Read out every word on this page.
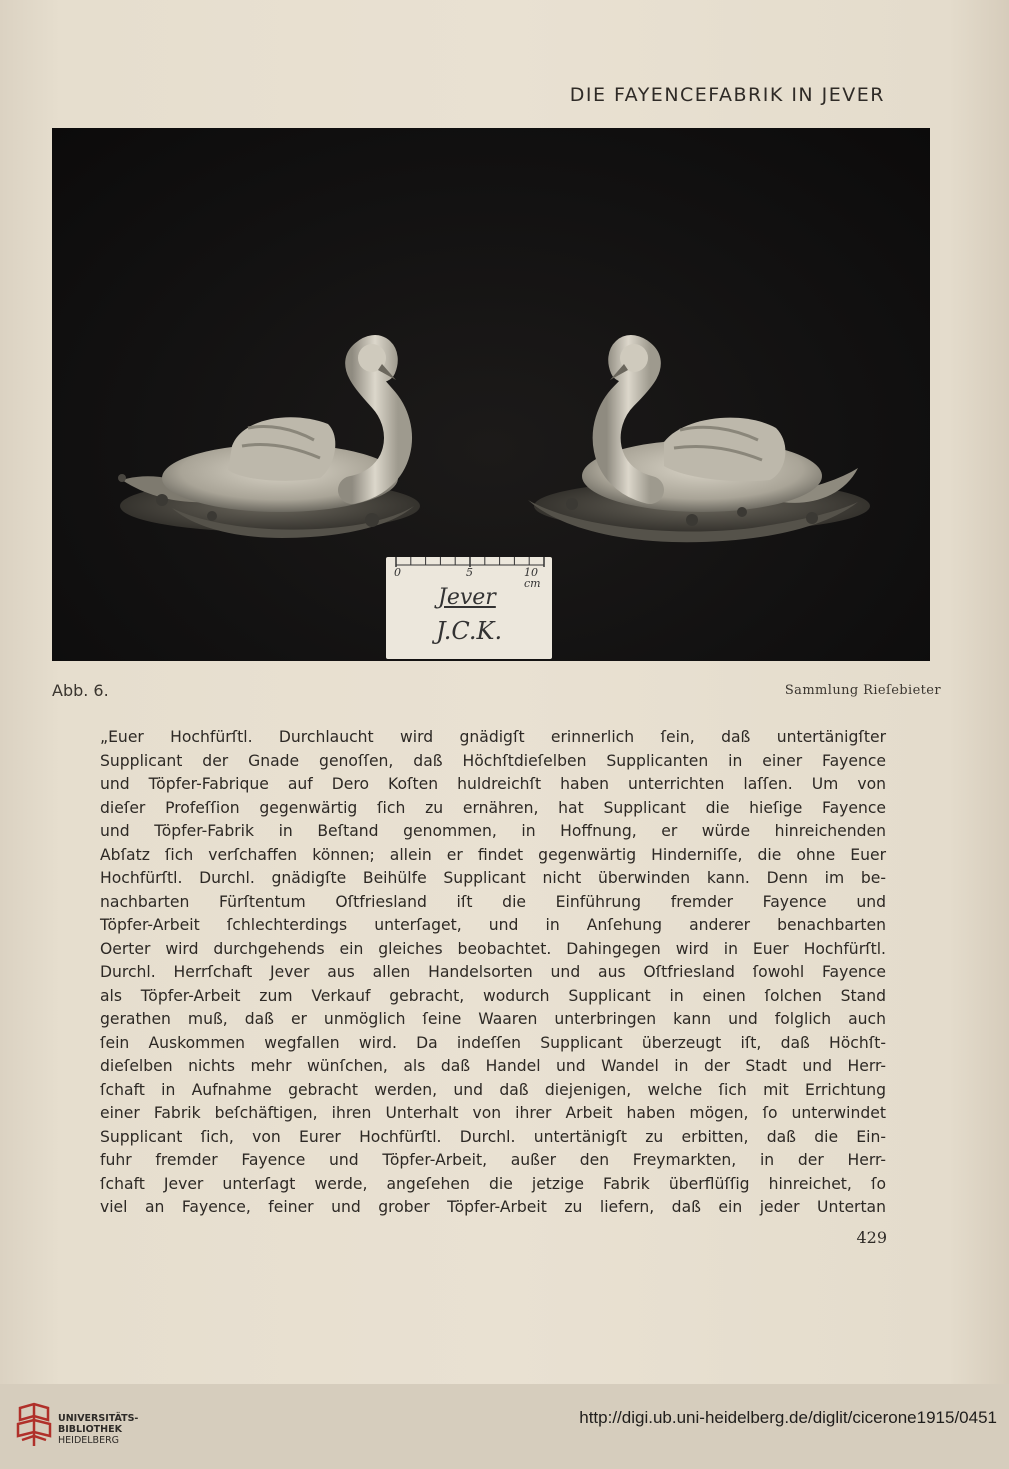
DIE FAYENCEFABRIK IN JEVER
0	5	10
cm
Jever
J.C.K.
Abb. 6.	Sammlung Rieſebieter
„Euer Hochfürſtl. Durchlaucht wird gnädigſt erinnerlich ſein, daß untertänigſter
Supplicant der Gnade genoſſen, daß Höchſtdieſelben Supplicanten in einer Fayence
und Töpfer-Fabrique auf Dero Koſten huldreichſt haben unterrichten laſſen. Um von
dieſer Profeſſion gegenwärtig ſich zu ernähren, hat Supplicant die hieſige Fayence
und Töpfer-Fabrik in Beſtand genommen, in Hoffnung, er würde hinreichenden
Abſatz ſich verſchaffen können; allein er findet gegenwärtig Hinderniſſe, die ohne Euer
Hochfürſtl. Durchl. gnädigſte Beihülfe Supplicant nicht überwinden kann. Denn im be-
nachbarten Fürſtentum Oſtfriesland iſt die Einführung fremder Fayence und
Töpfer-Arbeit ſchlechterdings unterſaget, und in Anſehung anderer benachbarten
Oerter wird durchgehends ein gleiches beobachtet. Dahingegen wird in Euer Hochfürſtl.
Durchl. Herrſchaft Jever aus allen Handelsorten und aus Oſtfriesland ſowohl Fayence
als Töpfer-Arbeit zum Verkauf gebracht, wodurch Supplicant in einen ſolchen Stand
gerathen muß, daß er unmöglich ſeine Waaren unterbringen kann und folglich auch
ſein Auskommen wegfallen wird. Da indeſſen Supplicant überzeugt iſt, daß Höchſt-
dieſelben nichts mehr wünſchen, als daß Handel und Wandel in der Stadt und Herr-
ſchaft in Aufnahme gebracht werden, und daß diejenigen, welche ſich mit Errichtung
einer Fabrik beſchäftigen, ihren Unterhalt von ihrer Arbeit haben mögen, ſo unterwindet
Supplicant ſich, von Eurer Hochfürſtl. Durchl. untertänigſt zu erbitten, daß die Ein-
fuhr fremder Fayence und Töpfer-Arbeit, außer den Freymarkten, in der Herr-
ſchaft Jever unterſagt werde, angeſehen die jetzige Fabrik überflüſſig hinreichet, ſo
viel an Fayence, feiner und grober Töpfer-Arbeit zu liefern, daß ein jeder Untertan
429
UNIVERSITÄTS-
BIBLIOTHEK
HEIDELBERG
http://digi.ub.uni-heidelberg.de/diglit/cicerone1915/0451
